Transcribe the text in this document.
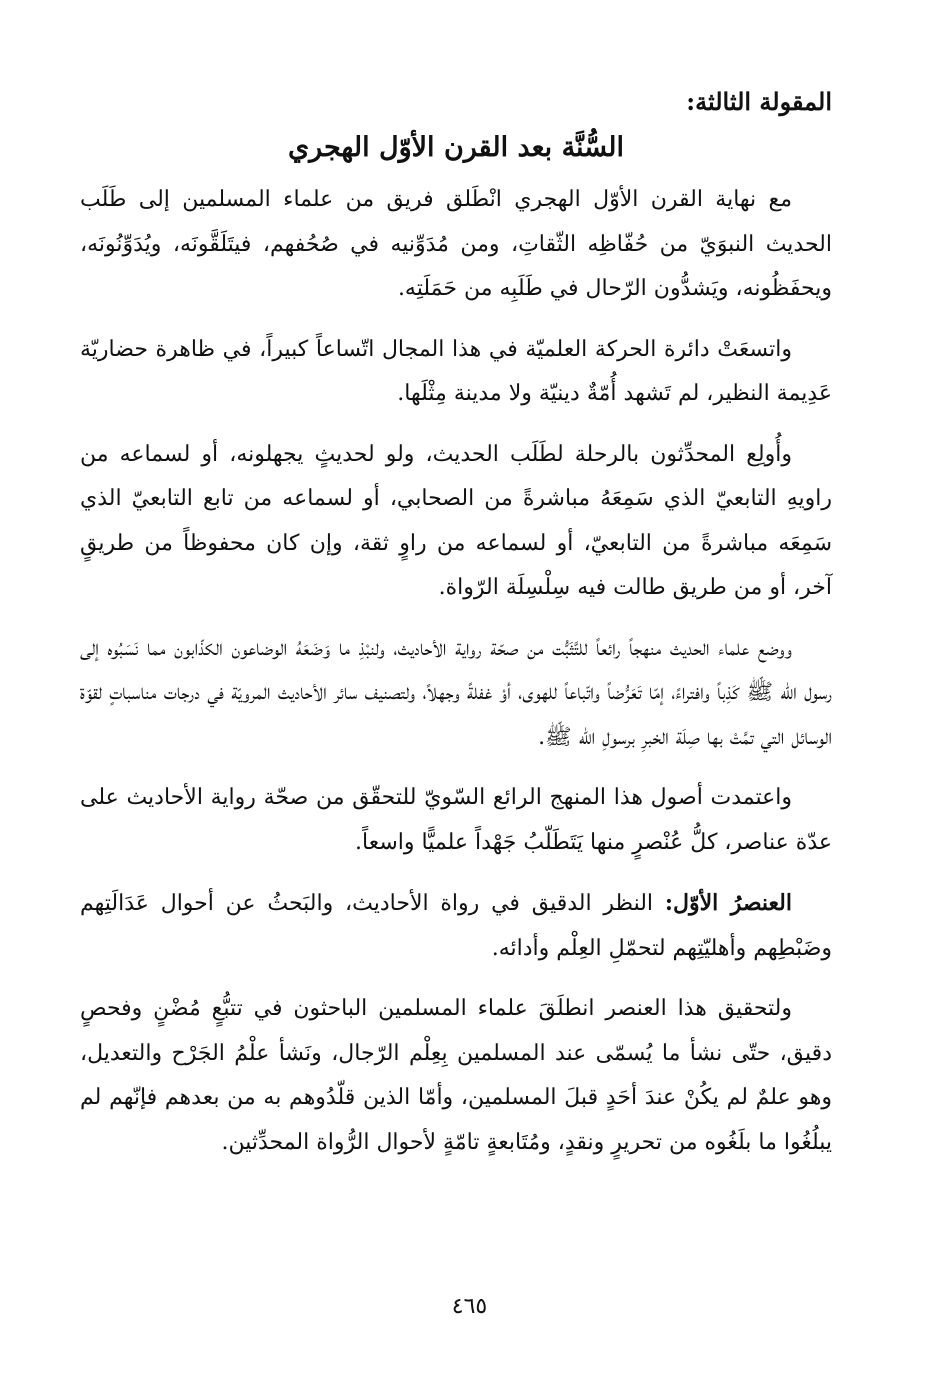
المقولة الثالثة:
السُّنَّة بعد القرن الأوّل الهجري

مع نهاية القرن الأوّل الهجري انْطَلق فريق من علماء المسلمين إلى طَلَب الحديث النبوَيّ من حُفّاظِه الثّقاتِ، ومن مُدَوِّنيه في صُحُفهم، فيتَلَقَّونَه، ويُدَوِّنُونَه، ويحفَظُونه، ويَشدُّون الرّحال في طَلَبِه من حَمَلَتِه.

واتسعَتْ دائرة الحركة العلميّة في هذا المجال اتّساعاً كبيراً، في ظاهرة حضاريّة عَدِيمة النظير، لم تَشهد أُمّةٌ دينيّة ولا مدينة مِثْلَها.

وأُولِع المحدِّثون بالرحلة لطَلَب الحديث، ولو لحديثٍ يجهلونه، أو لسماعه من راويهِ التابعيّ الذي سَمِعَهُ مباشرةً من الصحابي، أو لسماعه من تابع التابعيّ الذي سَمِعَه مباشرةً من التابعيّ، أو لسماعه من راوٍ ثقة، وإن كان محفوظاً من طريقٍ آخر، أو من طريق طالت فيه سِلْسِلَة الرّواة.

ووضع علماء الحديث منهجاً رائعاً للتَّثَبُّت من صحّة رواية الأحاديث، ولنبْذِ ما وَضَعَهُ الوضاعون الكذّابون مما نَسَبُوه إلى رسول الله ﷺ كَذِباً وافتراءً، إمّا تَعَرُّضاً واتّباعاً للهوى، أوْ غفلةً وجهلاً، ولتصنيف سائر الأحاديث المرويّة في درجات مناسباتٍ لقوّة الوسائل التي تمَّتْ بها صِلَة الخبرِ برسولِ الله ﷺ.

واعتمدت أصول هذا المنهج الرائع السّويّ للتحقّق من صحّة رواية الأحاديث على عدّة عناصر، كلُّ عُنْصرٍ منها يَتَطَلّبُ جَهْداً علميًّا واسعاً.

العنصرُ الأوّل: النظر الدقيق في رواة الأحاديث، والبَحثُ عن أحوال عَدَالَتِهم وضَبْطِهم وأهليّتِهم لتحمّلِ العِلْم وأدائه.

ولتحقيق هذا العنصر انطلَقَ علماء المسلمين الباحثون في تتبُّعٍ مُضْنٍ وفحصٍ دقيق، حتّى نشأ ما يُسمّى عند المسلمين بِعِلْم الرّجال، ونَشأ علْمُ الجَرْح والتعديل، وهو علمٌ لم يكُنْ عندَ أحَدٍ قبلَ المسلمين، وأمّا الذين قلّدُوهم به من بعدهم فإنّهم لم يبلُغُوا ما بلَغُوه من تحريرٍ ونقدٍ، ومُتَابعةٍ تامّةٍ لأحوال الرُّواة المحدِّثين.

٤٦٥
